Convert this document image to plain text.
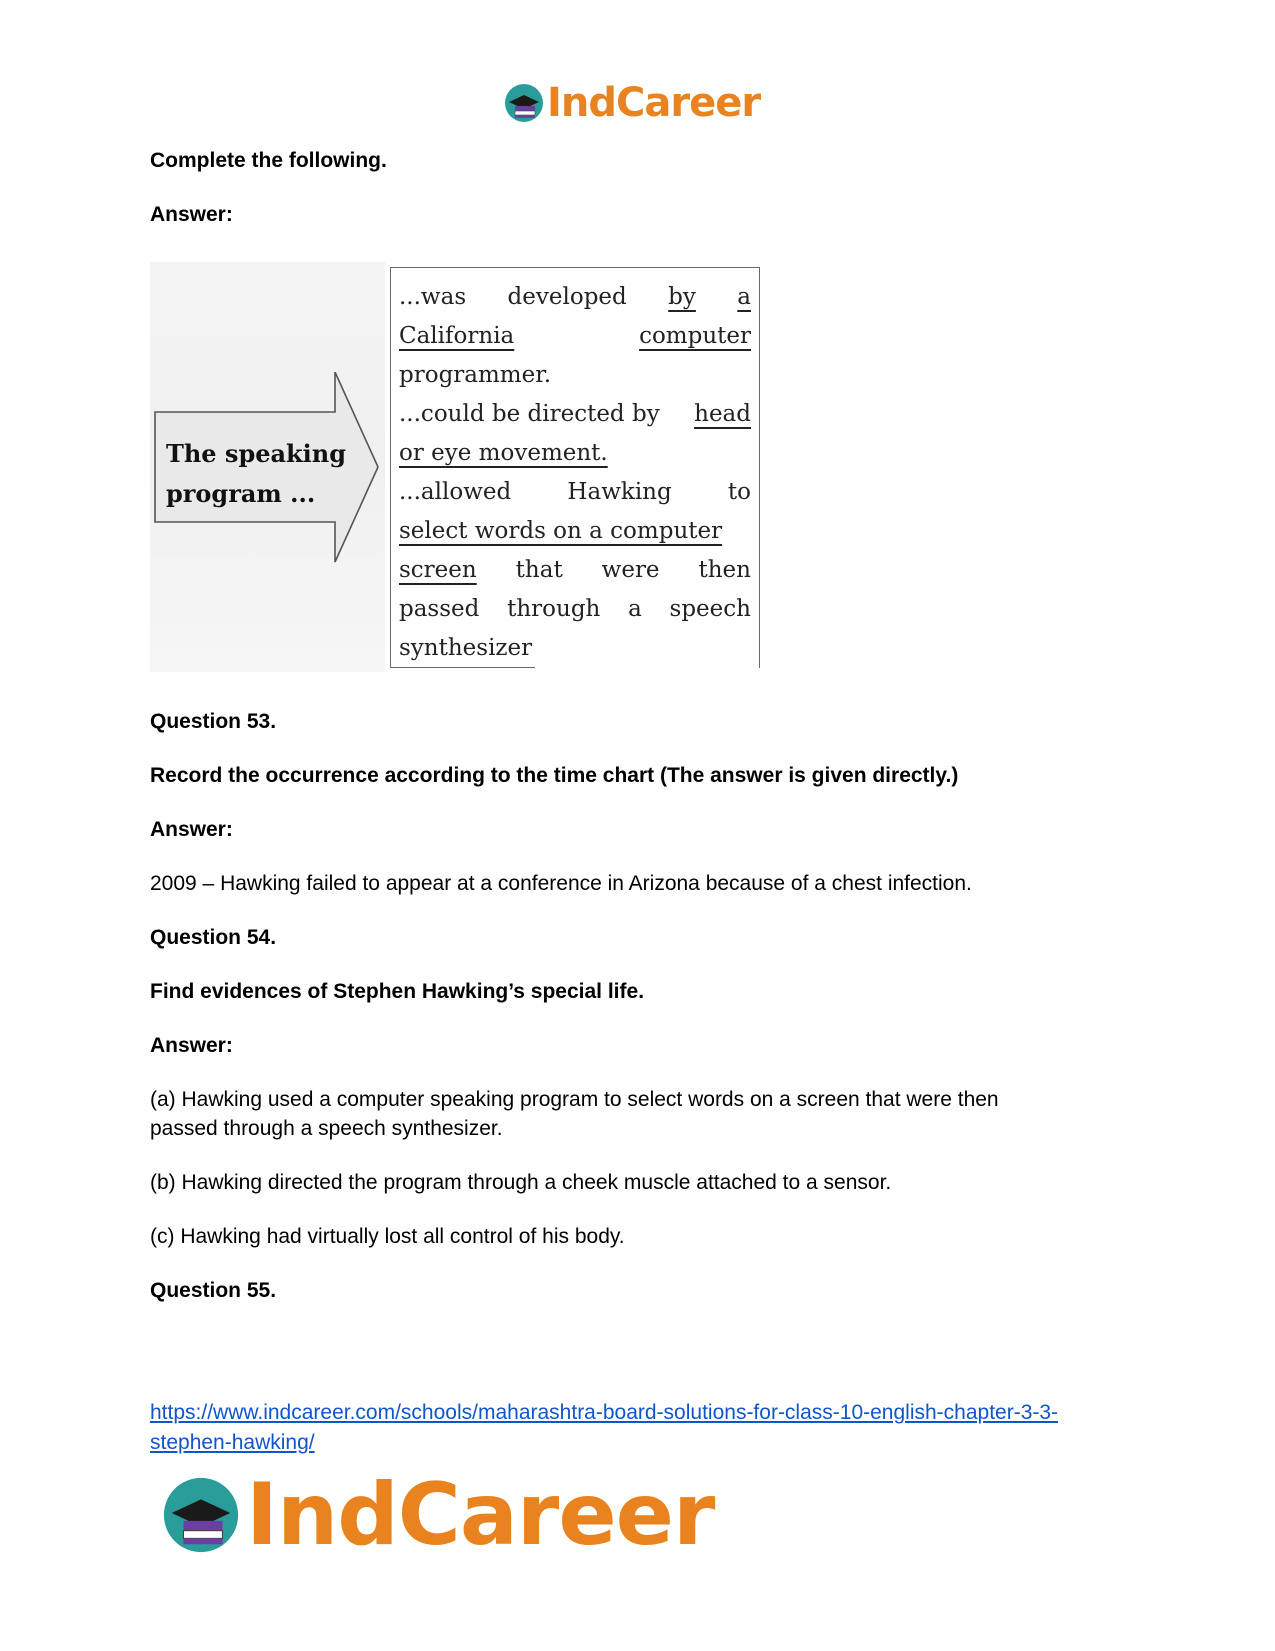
IndCareer
Complete the following.
Answer:
The speaking
program ...
...was developed by a
California	computer
programmer.
...could be directed by head
or eye movement.
...allowed Hawking to
select words on a computer
screen that were then
passed through a speech
synthesizer
Question 53.
Record the occurrence according to the time chart (The answer is given directly.)
Answer:
2009 – Hawking failed to appear at a conference in Arizona because of a chest infection.
Question 54.
Find evidences of Stephen Hawking’s special life.
Answer:
(a) Hawking used a computer speaking program to select words on a screen that were then
passed through a speech synthesizer.
(b) Hawking directed the program through a cheek muscle attached to a sensor.
(c) Hawking had virtually lost all control of his body.
Question 55.
https://www.indcareer.com/schools/maharashtra-board-solutions-for-class-10-english-chapter-3-3-stephen-hawking/
IndCareer
